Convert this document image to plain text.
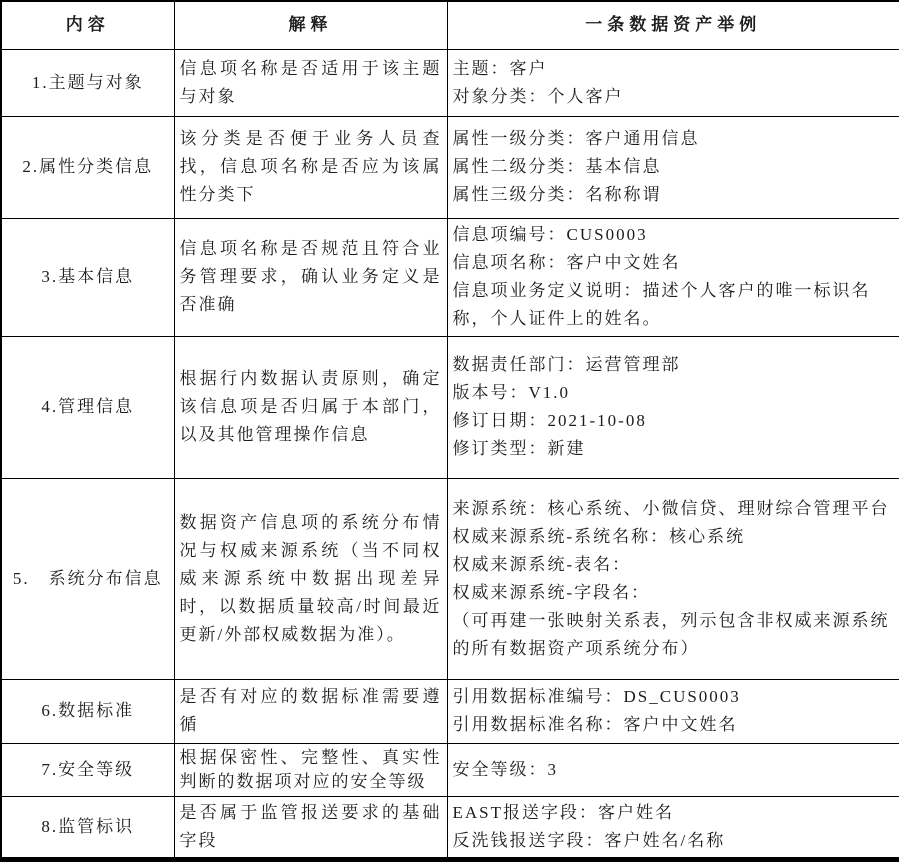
内容	解释	一条数据资产举例
1.主题与对象	信息项名称是否适用于该主题与对象	主题：客户
对象分类：个人客户

2.属性分类信息	该分类是否便于业务人员查找，信息项名称是否应为该属性分类下	属性一级分类：客户通用信息
属性二级分类：基本信息
属性三级分类：名称称谓

3.基本信息	信息项名称是否规范且符合业务管理要求，确认业务定义是否准确	信息项编号：CUS0003
信息项名称：客户中文姓名
信息项业务定义说明：描述个人客户的唯一标识名称，个人证件上的姓名。

4.管理信息	根据行内数据认责原则，确定该信息项是否归属于本部门，以及其他管理操作信息	数据责任部门：运营管理部
版本号：V1.0
修订日期：2021-10-08
修订类型：新建

5.　系统分布信息	数据资产信息项的系统分布情况与权威来源系统（当不同权威来源系统中数据出现差异时，以数据质量较高/时间最近更新/外部权威数据为准）。	来源系统：核心系统、小微信贷、理财综合管理平台
权威来源系统-系统名称：核心系统
权威来源系统-表名：
权威来源系统-字段名：
（可再建一张映射关系表，列示包含非权威来源系统的所有数据资产项系统分布）

6.数据标准	是否有对应的数据标准需要遵循	引用数据标准编号：DS_CUS0003
引用数据标准名称：客户中文姓名

7.安全等级	根据保密性、完整性、真实性判断的数据项对应的安全等级	安全等级：3

8.监管标识	是否属于监管报送要求的基础字段	EAST报送字段：客户姓名
反洗钱报送字段：客户姓名/名称
